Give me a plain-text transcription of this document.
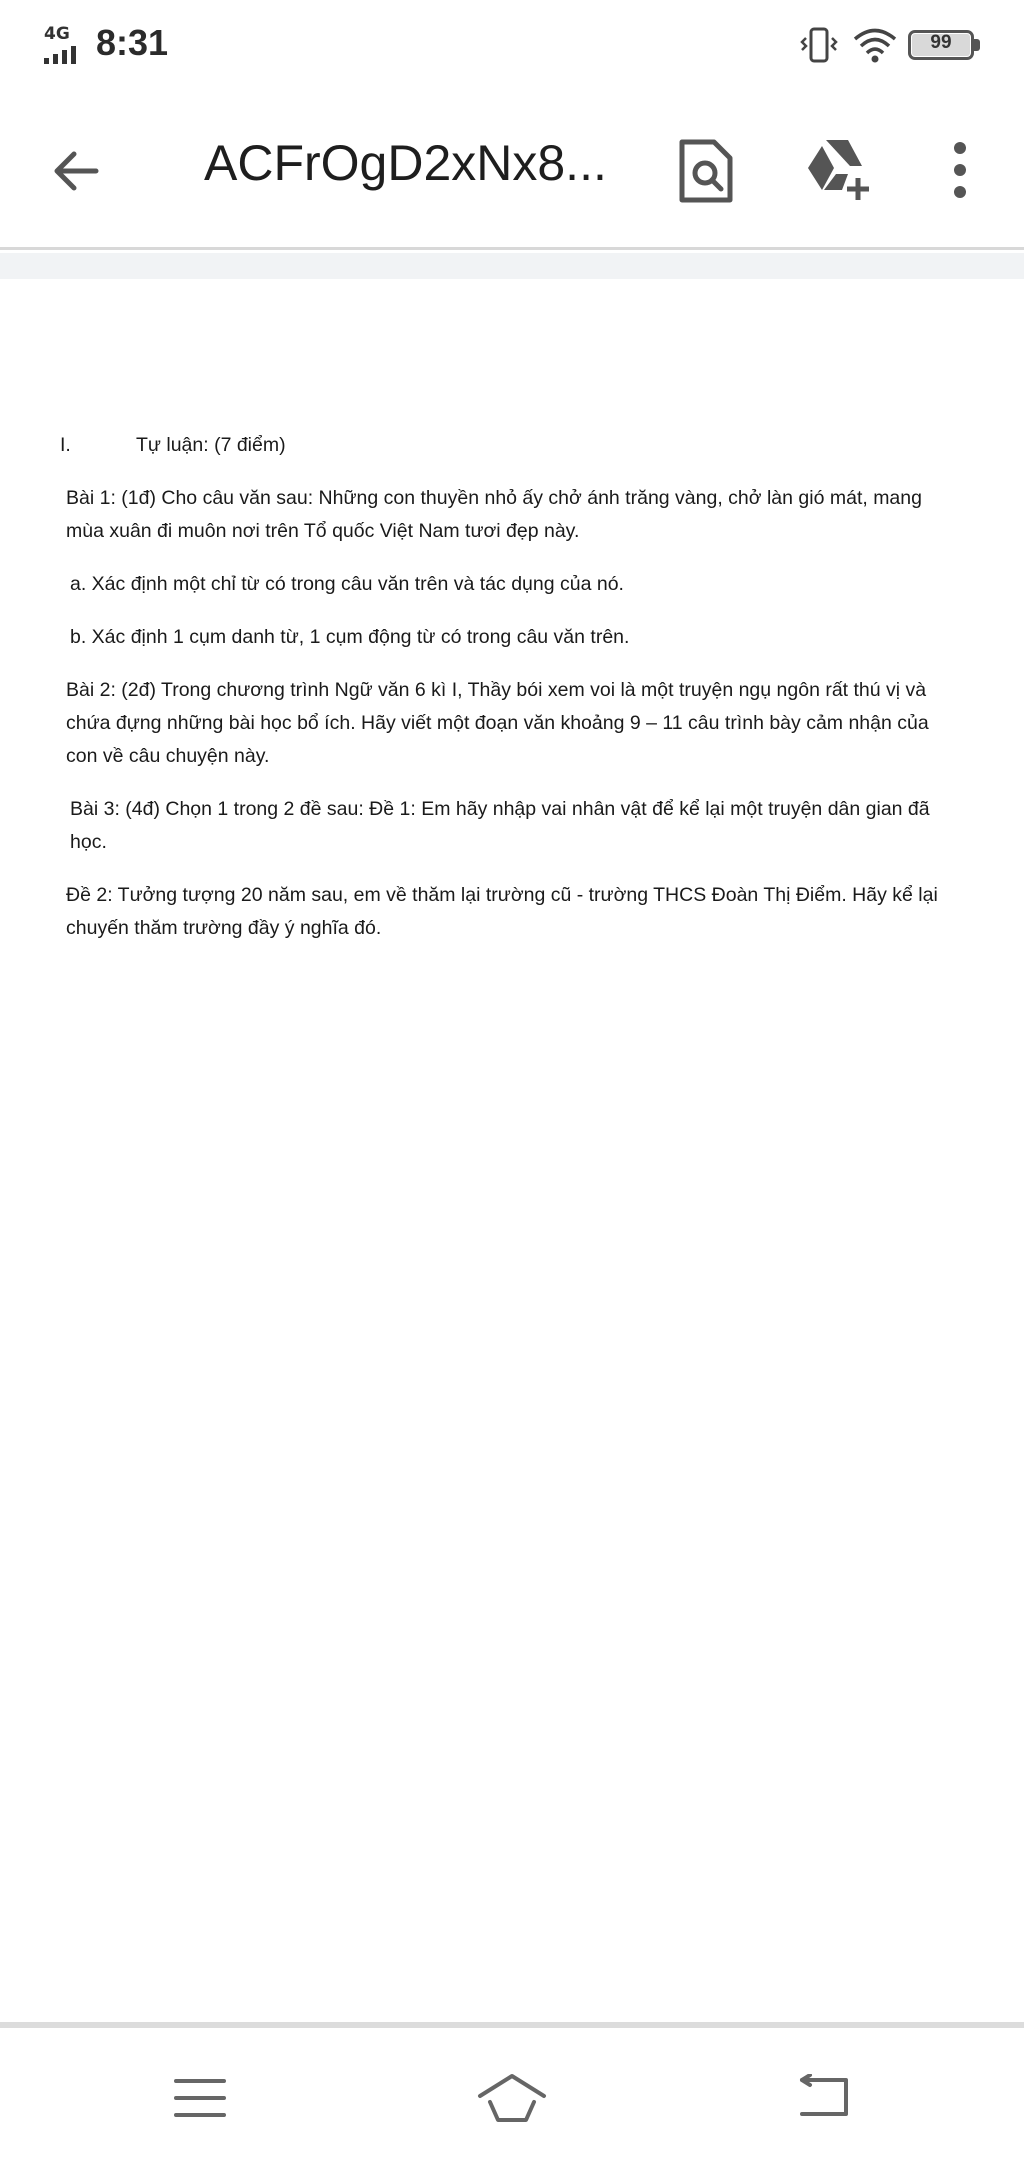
4G 8:31	99
ACFrOgD2xNx8...

I.	Tự luận: (7 điểm)

Bài 1: (1đ) Cho câu văn sau: Những con thuyền nhỏ ấy chở ánh trăng vàng, chở làn gió mát, mang mùa xuân đi muôn nơi trên Tổ quốc Việt Nam tươi đẹp này.

a. Xác định một chỉ từ có trong câu văn trên và tác dụng của nó.

b. Xác định 1 cụm danh từ, 1 cụm động từ có trong câu văn trên.

Bài 2: (2đ) Trong chương trình Ngữ văn 6 kì I, Thầy bói xem voi là một truyện ngụ ngôn rất thú vị và chứa đựng những bài học bổ ích. Hãy viết một đoạn văn khoảng 9 – 11 câu trình bày cảm nhận của con về câu chuyện này.

Bài 3: (4đ) Chọn 1 trong 2 đề sau: Đề 1: Em hãy nhập vai nhân vật để kể lại một truyện dân gian đã học.

Đề 2: Tưởng tượng 20 năm sau, em về thăm lại trường cũ - trường THCS Đoàn Thị Điểm. Hãy kể lại chuyến thăm trường đầy ý nghĩa đó.
